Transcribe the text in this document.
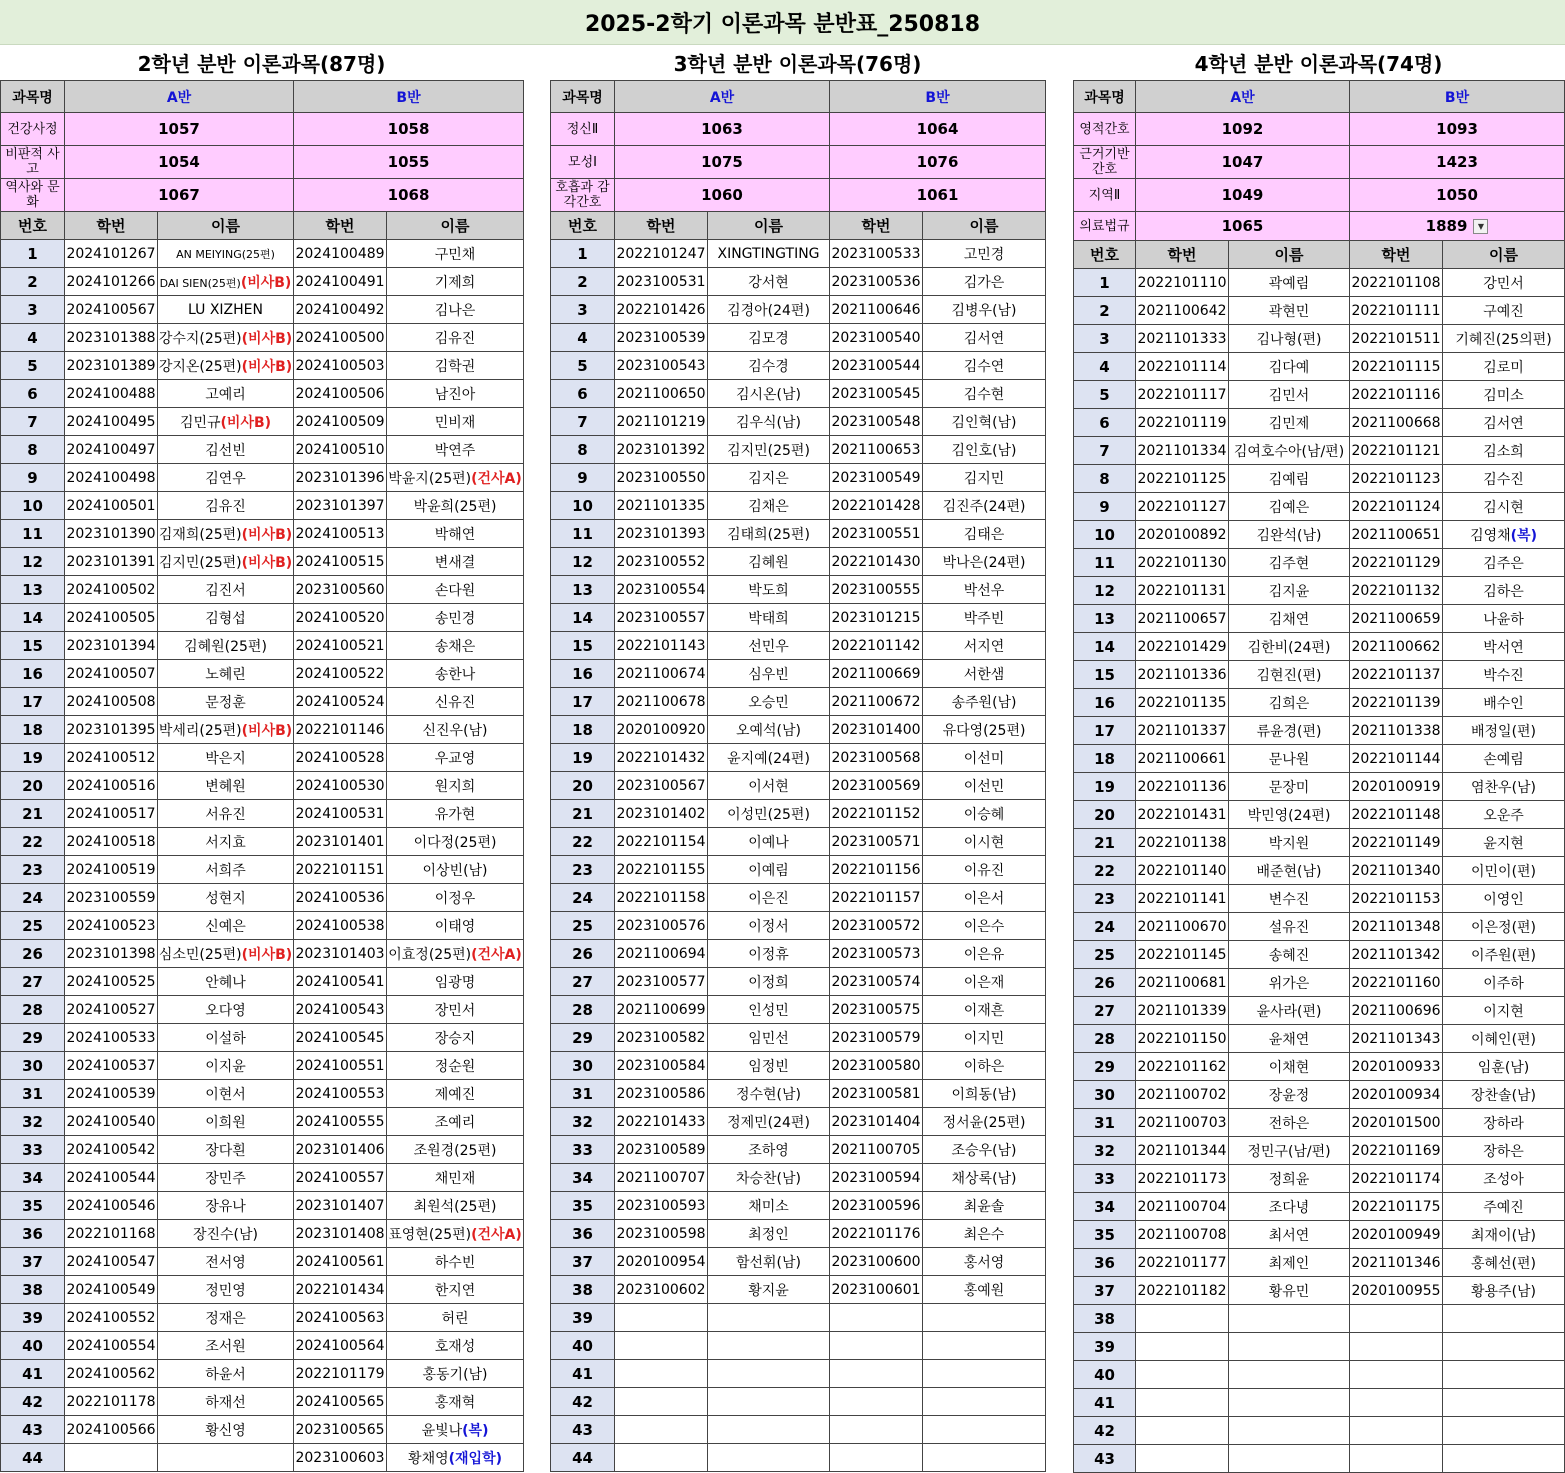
2025-2학기 이론과목 분반표_250818
2학년 분반 이론과목(87명)
과목명	A반		B반	
건강사정	1057		1058	
비판적 사고	1054		1055	
역사와 문화	1067		1068	
번호	학번	이름	학번	이름
1	2024101267	AN MEIYING(25편)	2024100489	구민채
2	2024101266	DAI SIEN(25편)(비사B)	2024100491	기제희
3	2024100567	LU XIZHEN	2024100492	김나은
4	2023101388	강수지(25편)(비사B)	2024100500	김유진
5	2023101389	강지온(25편)(비사B)	2024100503	김학권
6	2024100488	고예리	2024100506	남진아
7	2024100495	김민규(비사B)	2024100509	민비재
8	2024100497	김선빈	2024100510	박연주
9	2024100498	김연우	2023101396	박윤지(25편)(건사A)
10	2024100501	김유진	2023101397	박윤희(25편)
11	2023101390	김재희(25편)(비사B)	2024100513	박해연
12	2023101391	김지민(25편)(비사B)	2024100515	변새결
13	2024100502	김진서	2023100560	손다원
14	2024100505	김형섭	2024100520	송민경
15	2023101394	김혜원(25편)	2024100521	송채은
16	2024100507	노혜린	2024100522	송한나
17	2024100508	문정훈	2024100524	신유진
18	2023101395	박세리(25편)(비사B)	2022101146	신진우(남)
19	2024100512	박은지	2024100528	우교영
20	2024100516	변혜원	2024100530	원지희
21	2024100517	서유진	2024100531	유가현
22	2024100518	서지효	2023101401	이다정(25편)
23	2024100519	서희주	2022101151	이상빈(남)
24	2023100559	성현지	2024100536	이정우
25	2024100523	신예은	2024100538	이태영
26	2023101398	심소민(25편)(비사B)	2023101403	이효정(25편)(건사A)
27	2024100525	안혜나	2024100541	임광명
28	2024100527	오다영	2024100543	장민서
29	2024100533	이설하	2024100545	장승지
30	2024100537	이지윤	2024100551	정순원
31	2024100539	이현서	2024100553	제예진
32	2024100540	이희원	2024100555	조예리
33	2024100542	장다흰	2023101406	조원경(25편)
34	2024100544	장민주	2024100557	채민재
35	2024100546	장유나	2023101407	최원석(25편)
36	2022101168	장진수(남)	2023101408	표영현(25편)(건사A)
37	2024100547	전서영	2024100561	하수빈
38	2024100549	정민영	2022101434	한지연
39	2024100552	정재은	2024100563	허린
40	2024100554	조서원	2024100564	호재성
41	2024100562	하윤서	2022101179	홍동기(남)
42	2022101178	하재선	2024100565	홍재혁
43	2024100566	황신영	2023100565	윤빛나(복)
44			2023100603	황채영(재입학)
3학년 분반 이론과목(76명)
과목명	A반		B반	
정신Ⅱ	1063		1064	
모성Ⅰ	1075		1076	
호흡과 감각간호	1060		1061	
번호	학번	이름	학번	이름
1	2022101247	XINGTINGTING	2023100533	고민경
2	2023100531	강서현	2023100536	김가은
3	2022101426	김경아(24편)	2021100646	김병우(남)
4	2023100539	김모경	2023100540	김서연
5	2023100543	김수경	2023100544	김수연
6	2021100650	김시온(남)	2023100545	김수현
7	2021101219	김우식(남)	2023100548	김인혁(남)
8	2023101392	김지민(25편)	2021100653	김인호(남)
9	2023100550	김지은	2023100549	김지민
10	2021101335	김채은	2022101428	김진주(24편)
11	2023101393	김태희(25편)	2023100551	김태은
12	2023100552	김혜원	2022101430	박나은(24편)
13	2023100554	박도희	2023100555	박선우
14	2023100557	박태희	2023101215	박주빈
15	2022101143	선민우	2022101142	서지연
16	2021100674	심우빈	2021100669	서한샘
17	2021100678	오승민	2021100672	송주원(남)
18	2020100920	오예석(남)	2023101400	유다영(25편)
19	2022101432	윤지예(24편)	2023100568	이선미
20	2023100567	이서현	2023100569	이선민
21	2023101402	이성민(25편)	2022101152	이승혜
22	2022101154	이예나	2023100571	이시현
23	2022101155	이예림	2022101156	이유진
24	2022101158	이은진	2022101157	이은서
25	2023100576	이정서	2023100572	이은수
26	2021100694	이정휴	2023100573	이은유
27	2023100577	이정희	2023100574	이은재
28	2021100699	인성민	2023100575	이재흔
29	2023100582	임민선	2023100579	이지민
30	2023100584	임정빈	2023100580	이하은
31	2023100586	정수현(남)	2023100581	이희동(남)
32	2022101433	정제민(24편)	2023101404	정서윤(25편)
33	2023100589	조하영	2021100705	조승우(남)
34	2021100707	차승찬(남)	2023100594	채상록(남)
35	2023100593	채미소	2023100596	최윤솔
36	2023100598	최정인	2022101176	최은수
37	2020100954	함선휘(남)	2023100600	홍서영
38	2023100602	황지윤	2023100601	홍예원
39				
40				
41				
42				
43				
44				
4학년 분반 이론과목(74명)
과목명	A반		B반	
영적간호	1092		1093	
근거기반 간호	1047		1423	
지역Ⅱ	1049		1050	
의료법규	1065		1889 ▼	
번호	학번	이름	학번	이름
1	2022101110	곽예림	2022101108	강민서
2	2021100642	곽현민	2022101111	구예진
3	2021101333	김나형(편)	2022101511	기혜진(25의편)
4	2022101114	김다예	2022101115	김로미
5	2022101117	김민서	2022101116	김미소
6	2022101119	김민제	2021100668	김서연
7	2021101334	김여호수아(남/편)	2022101121	김소희
8	2022101125	김예림	2022101123	김수진
9	2022101127	김예은	2022101124	김시현
10	2020100892	김완석(남)	2021100651	김영채(복)
11	2022101130	김주현	2022101129	김주은
12	2022101131	김지윤	2022101132	김하은
13	2021100657	김채연	2021100659	나윤하
14	2022101429	김한비(24편)	2021100662	박서연
15	2021101336	김현진(편)	2022101137	박수진
16	2022101135	김희은	2022101139	배수인
17	2021101337	류윤경(편)	2021101338	배정일(편)
18	2021100661	문나원	2022101144	손예림
19	2022101136	문장미	2020100919	염찬우(남)
20	2022101431	박민영(24편)	2022101148	오운주
21	2022101138	박지원	2022101149	윤지현
22	2022101140	배준현(남)	2021101340	이민이(편)
23	2022101141	변수진	2022101153	이영인
24	2021100670	설유진	2021101348	이은정(편)
25	2022101145	송혜진	2021101342	이주원(편)
26	2021100681	위가은	2022101160	이주하
27	2021101339	윤사라(편)	2021100696	이지현
28	2022101150	윤채연	2021101343	이혜인(편)
29	2022101162	이채현	2020100933	임훈(남)
30	2021100702	장윤정	2020100934	장찬솔(남)
31	2021100703	전하은	2020101500	장하라
32	2021101344	정민구(남/편)	2022101169	장하은
33	2022101173	정희윤	2022101174	조성아
34	2021100704	조다녕	2022101175	주예진
35	2021100708	최서연	2020100949	최재이(남)
36	2022101177	최제인	2021101346	홍혜선(편)
37	2022101182	황유민	2020100955	황용주(남)
38				
39				
40				
41				
42				
43				
